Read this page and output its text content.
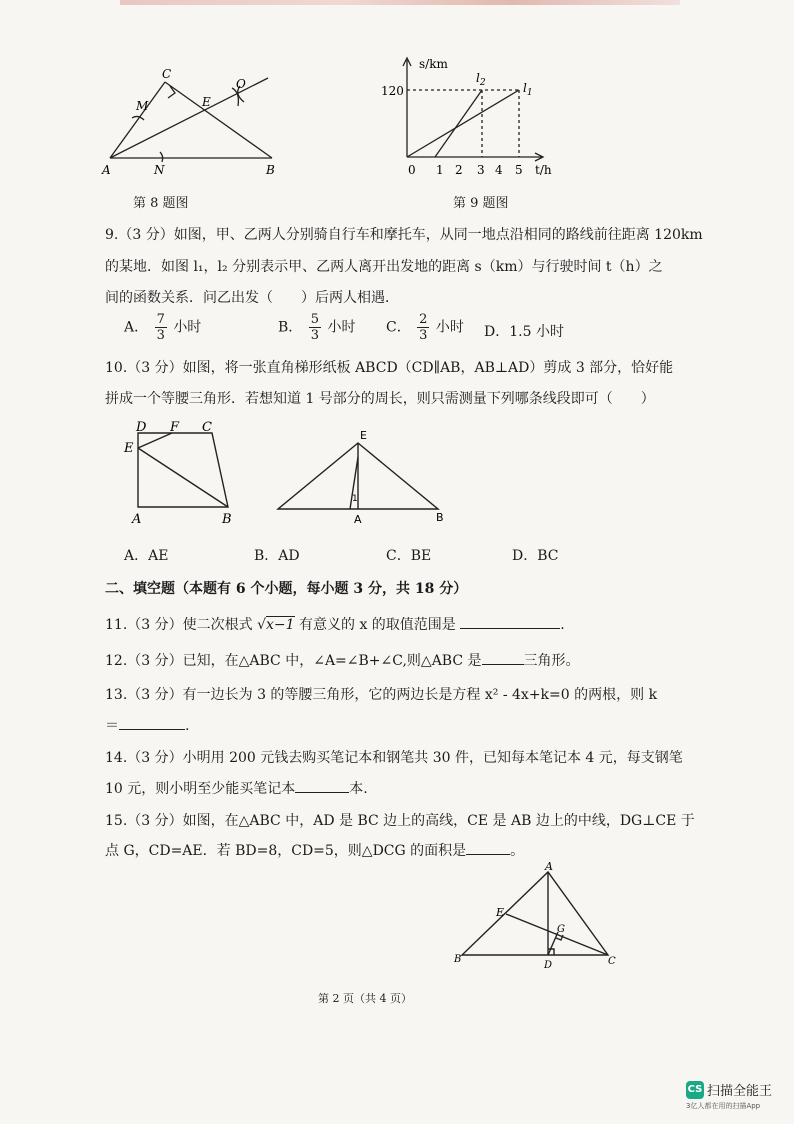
C
M	E
O
A	N	B
第 8 题图
s/km
120
$l_2$	$l_1$
0 1 2 3 4 5 t/h
第 9 题图
9.（3 分）如图，甲、乙两人分别骑自行车和摩托车，从同一地点沿相同的路线前往距离 120km
的某地．如图 l₁，l₂ 分别表示甲、乙两人离开出发地的距离 s（km）与行驶时间 t（h）之
间的函数关系．问乙出发（　　）后两人相遇．
A． $\frac{7}{3}$ 小时	B． $\frac{5}{3}$ 小时 C． $\frac{2}{3}$ 小时 D．1.5 小时
10.（3 分）如图，将一张直角梯形纸板 ABCD（CD∥AB，AB⊥AD）剪成 3 部分，恰好能
拼成一个等腰三角形．若想知道 1 号部分的周长，则只需测量下列哪条线段即可（　　）
D F C
E
A	B
E
1
A	B
A．AE	B．AD	C．BE	D．BC
二、填空题（本题有 6 个小题，每小题 3 分，共 18 分）
11.（3 分）使二次根式 √x−1 有意义的 x 的取值范围是	.
12.（3 分）已知，在△ABC 中，∠A=∠B+∠C,则△ABC 是	三角形。
13.（3 分）有一边长为 3 的等腰三角形，它的两边长是方程 x² - 4x+k=0 的两根，则 k
＝	.
14.（3 分）小明用 200 元钱去购买笔记本和钢笔共 30 件，已知每本笔记本 4 元，每支钢笔
10 元，则小明至少能买笔记本	本.
15.（3 分）如图，在△ABC 中，AD 是 BC 边上的高线，CE 是 AB 边上的中线，DG⊥CE 于
点 G，CD=AE．若 BD=8，CD=5，则△DCG 的面积是	。
A
E
G
B
D	C
第 2 页（共 4 页）
CS 扫描全能王
3亿人都在用的扫描App
